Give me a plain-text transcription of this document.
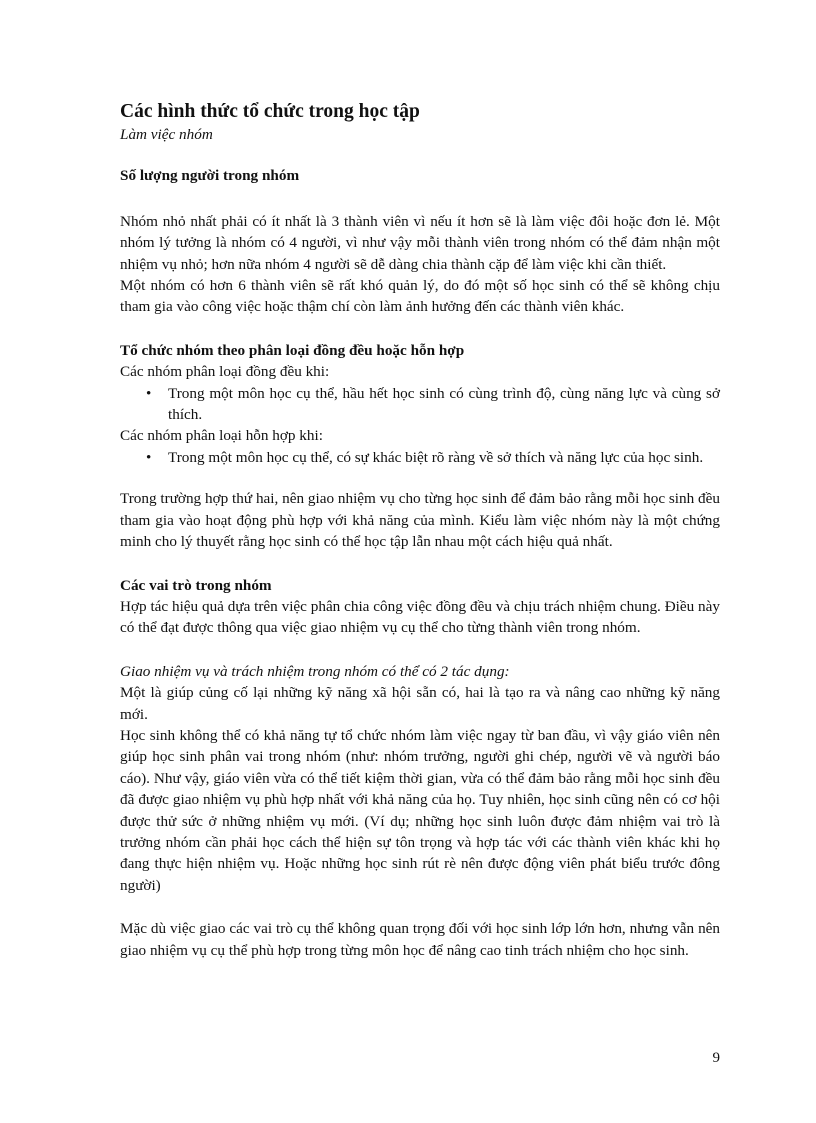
Các hình thức tổ chức trong học tập
Làm việc nhóm
Số lượng người trong nhóm

Nhóm nhỏ nhất phải có ít nhất là 3 thành viên vì nếu ít hơn sẽ là làm việc đôi hoặc đơn lẻ. Một nhóm lý tưởng là nhóm có 4 người, vì như vậy mỗi thành viên trong nhóm có thể đảm nhận một nhiệm vụ nhỏ; hơn nữa nhóm 4 người sẽ dễ dàng chia thành cặp để làm việc khi cần thiết.

Một nhóm có hơn 6 thành viên sẽ rất khó quản lý, do đó một số học sinh có thể sẽ không chịu tham gia vào công việc hoặc thậm chí còn làm ảnh hưởng đến các thành viên khác.

Tổ chức nhóm theo phân loại đồng đều hoặc hỗn hợp

Các nhóm phân loại đồng đều khi:

• Trong một môn học cụ thể, hầu hết học sinh có cùng trình độ, cùng năng lực và cùng sở thích.

Các nhóm phân loại hỗn hợp khi:

• Trong một môn học cụ thể, có sự khác biệt rõ ràng về sở thích và năng lực của học sinh.

Trong trường hợp thứ hai, nên giao nhiệm vụ cho từng học sinh để đảm bảo rằng mỗi học sinh đều tham gia vào hoạt động phù hợp với khả năng của mình. Kiểu làm việc nhóm này là một chứng minh cho lý thuyết rằng học sinh có thể học tập lẫn nhau một cách hiệu quả nhất.

Các vai trò trong nhóm

Hợp tác hiệu quả dựa trên việc phân chia công việc đồng đều và chịu trách nhiệm chung. Điều này có thể đạt được thông qua việc giao nhiệm vụ cụ thể cho từng thành viên trong nhóm.

Giao nhiệm vụ và trách nhiệm trong nhóm có thể có 2 tác dụng:

Một là giúp củng cố lại những kỹ năng xã hội sẵn có, hai là tạo ra và nâng cao những kỹ năng mới.

Học sinh không thể có khả năng tự tổ chức nhóm làm việc ngay từ ban đầu, vì vậy giáo viên nên giúp học sinh phân vai trong nhóm (như: nhóm trưởng, người ghi chép, người vẽ và người báo cáo). Như vậy, giáo viên vừa có thể tiết kiệm thời gian, vừa có thể đảm bảo rằng mỗi học sinh đều đã được giao nhiệm vụ phù hợp nhất với khả năng của họ. Tuy nhiên, học sinh cũng nên có cơ hội được thử sức ở những nhiệm vụ mới. (Ví dụ; những học sinh luôn được đảm nhiệm vai trò là trưởng nhóm cần phải học cách thể hiện sự tôn trọng và hợp tác với các thành viên khác khi họ đang thực hiện nhiệm vụ. Hoặc những học sinh rút rè nên được động viên phát biểu trước đông người)

Mặc dù việc giao các vai trò cụ thể không quan trọng đối với học sinh lớp lớn hơn, nhưng vẫn nên giao nhiệm vụ cụ thể phù hợp trong từng môn học để nâng cao tinh trách nhiệm cho học sinh.

9
